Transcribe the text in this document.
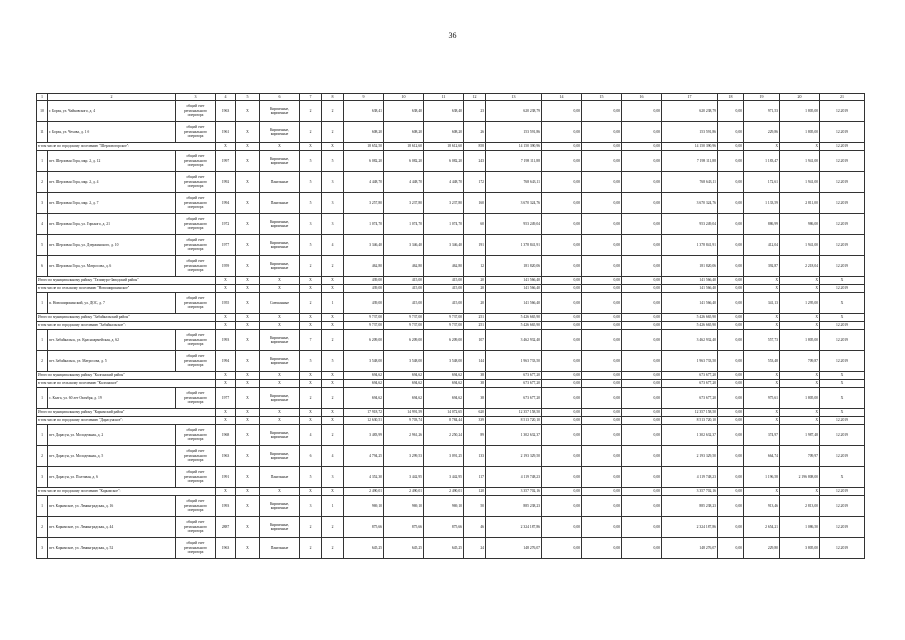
36
1	2	3	4	5	6	7	8	9	10	11	12	13	14	15	16	17	18	19	20	21
10	г. Борзя, ул. Чайковского, д. 4	общий счет регионального оператора	1963	Х	Кирпичные, кирпичные	2	2	638,41	638,40	638,40	23	620 238,79	0,00	0,00	0,00	620 238,79	0,00	971,53	1 805,00	12.2019
11	г. Борзя, ул. Чехова, д. 1 б	общий счет регионального оператора	1961	Х	Кирпичные, кирпичные	2	2	608,20	608,20	608,20	26	153 591,86	0,00	0,00	0,00	153 591,86	0,00	229,86	1 805,00	12.2019
в том числе по городскому поселению "Шерловогорское":			Х	Х	Х	Х	Х	18 652,50	18 612,60	18 612,60	858	14 150 390,96	0,00	0,00	0,00	14 150 390,96	0,00	Х	Х	12.2019
1	пгт. Шерловая Гора, мкр. 2, д. 12	общий счет регионального оператора	1997	Х	Кирпичные, кирпичные	5	5	6 082,20	6 082,20	6 082,20	243	7 198 111,88	0,00	0,00	0,00	7 198 111,88	0,00	1 183,47	1 941,00	12.2019
2	пгт. Шерловая Гора, мкр. 2, д. 4	общий счет регионального оператора	1992	Х	Панельные	5	3	4 448,70	4 448,70	4 448,70	172	768 643,11	0,00	0,00	0,00	768 643,11	0,00	172,61	1 941,00	12.2019
3	пгт. Шерловая Гора, мкр. 2, д. 7	общий счет регионального оператора	1994	Х	Панельные	5	3	3 257,80	3 237,80	3 237,80	160	3 670 324,76	0,00	0,00	0,00	3 670 324,76	0,00	1 133,59	2 811,00	12.2019
4	пгт. Шерловая Гора, ул. Горького, д. 21	общий счет регионального оператора	1972	Х	Кирпичные, кирпичные	3	3	1 074,70	1 074,70	1 074,70	60	953 249,04	0,00	0,00	0,00	953 249,04	0,00	886,99	986,00	12.2019
5	пгт. Шерловая Гора, ул. Дзержинского, д. 10	общий счет регионального оператора	1977	Х	Кирпичные, кирпичные	5	4	3 346,40	3 346,40	3 346,40	191	1 378 841,91	0,00	0,00	0,00	1 378 841,91	0,00	412,04	1 941,00	12.2019
6	пгт. Шерловая Гора, ул. Матросова, д. 6	общий счет регионального оператора	1959	Х	Кирпичные, кирпичные	2	2	462,80	462,80	462,80	12	181 820,06	0,00	0,00	0,00	181 820,06	0,00	392,87	2 218,04	12.2019
Итого по муниципальному району "Газимуро-Заводский район"			Х	Х	Х	Х	Х	439,00	415,00	415,00	20	141 566,40	0,00	0,00	0,00	141 566,40	0,00	Х	Х	Х
в том числе по сельскому поселению "Новоширокинское"			Х	Х	Х	Х	Х	439,00	415,00	415,00	20	141 566,40	0,00	0,00	0,00	141 566,40	0,00	Х	Х	12.2019
1	п. Новоширокинский, ул. ДОС, д. 7	общий счет регионального оператора	1955	Х	Смешанные	2	1	439,00	415,00	415,00	20	141 566,40	0,00	0,00	0,00	141 566,40	0,00	341,13	1 295,00	Х
Итого по муниципальному району "Забайкальский район"			Х	Х	Х	Х	Х	9 737,00	9 737,00	9 737,00	251	5 426 665,90	0,00	0,00	0,00	5 426 665,90	0,00	Х	Х	Х
в том числе по городскому поселению "Забайкальское":			Х	Х	Х	Х	Х	9 737,00	9 737,00	9 737,00	251	5 426 665,90	0,00	0,00	0,00	5 426 665,90	0,00	Х	Х	12.2019
1	пгт. Забайкальск, ул. Красноармейская, д. 62	общий счет регионального оператора	1993	Х	Кирпичные, кирпичные	7	2	6 209,00	6 209,00	6 209,00	107	3 462 932,40	0,00	0,00	0,00	3 462 932,40	0,00	557,73	1 805,00	12.2019
2	пгт. Забайкальск, ул. Матросова, д. 5	общий счет регионального оператора	1994	Х	Кирпичные, кирпичные	5	5	3 548,00	3 548,00	3 548,00	144	1 963 733,50	0,00	0,00	0,00	1 963 733,50	0,00	553,48	709,87	12.2019
Итого по муниципальному району "Калганский район"			Х	Х	Х	Х	Х	694,62	694,62	694,62	38	673 677,20	0,00	0,00	0,00	673 677,20	0,00	Х	Х	Х
в том числе по сельскому поселению "Калганское"			Х	Х	Х	Х	Х	694,62	694,62	694,62	38	673 677,20	0,00	0,00	0,00	673 677,20	0,00	Х	Х	Х
1	с. Калга, ул. 60 лет Октября, д. 19	общий счет регионального оператора	1977	Х	Кирпичные, кирпичные	2	2	694,62	694,62	694,62	38	673 677,20	0,00	0,00	0,00	673 677,20	0,00	975,61	1 805,00	Х
Итого по муниципальному району "Карымский район"			Х	Х	Х	Х	Х	17 918,72	14 991,59	14 072,65	620	12 357 158,50	0,00	0,00	0,00	12 357 158,50	0,00	Х	Х	Х
в том числе по городскому поселению "Дарасунское":			Х	Х	Х	Х	Х	12 630,51	9 703,74	8 784,44	339	8 513 720,10	0,00	0,00	0,00	8 513 720,10	0,00	Х	Х	12.2019
1	пгт. Дарасун, ул. Молодежная, д. 2	общий счет регионального оператора	1968	Х	Кирпичные, кирпичные	4	2	3 483,99	2 961,26	2 250,24	89	1 302 632,37	0,00	0,00	0,00	1 302 632,37	0,00	374,97	1 987,48	12.2019
2	пгт. Дарасун, ул. Молодежная, д. 5	общий счет регионального оператора	1963	Х	Кирпичные, кирпичные	6	4	4 794,25	3 299,53	3 091,25	133	2 193 329,50	0,00	0,00	0,00	2 193 329,50	0,00	664,74	709,97	12.2019
3	пгт. Дарасун, ул. Полтавая, д. 6	общий счет регионального оператора	1991	Х	Панельные	5	3	4 352,30	3 442,95	3 442,95	117	4 119 748,23	0,00	0,00	0,00	4 119 748,23	0,00	1 196,58	2 196 808,00	Х
в том числе по городскому поселению "Карымское":			Х	Х	Х	Х	Х	2 490,01	2 490,01	2 490,01	120	3 357 702,16	0,00	0,00	0,00	3 357 702,16	0,00	Х	Х	12.2019
1	пгт. Карымское, ул. Ленинградская, д. 16	общий счет регионального оператора	1993	Х	Кирпичные, кирпичные	3	1	969,10	969,10	969,10	50	885 238,23	0,00	0,00	0,00	885 238,23	0,00	913,46	2 813,00	12.2019
2	пгт. Карымское, ул. Ленинградская, д. 44	общий счет регионального оператора	2887	Х	Кирпичные, кирпичные	2	2	875,66	875,66	875,66	46	2 324 187,86	0,00	0,00	0,00	2 324 187,86	0,00	2 654,21	1 086,50	12.2019
3	пгт. Карымское, ул. Ленинградская, д. 52	общий счет регионального оператора	1963	Х	Панельные	2	2	645,25	645,25	645,25	24	148 276,07	0,00	0,00	0,00	148 276,07	0,00	229,80	3 805,00	12.2019
